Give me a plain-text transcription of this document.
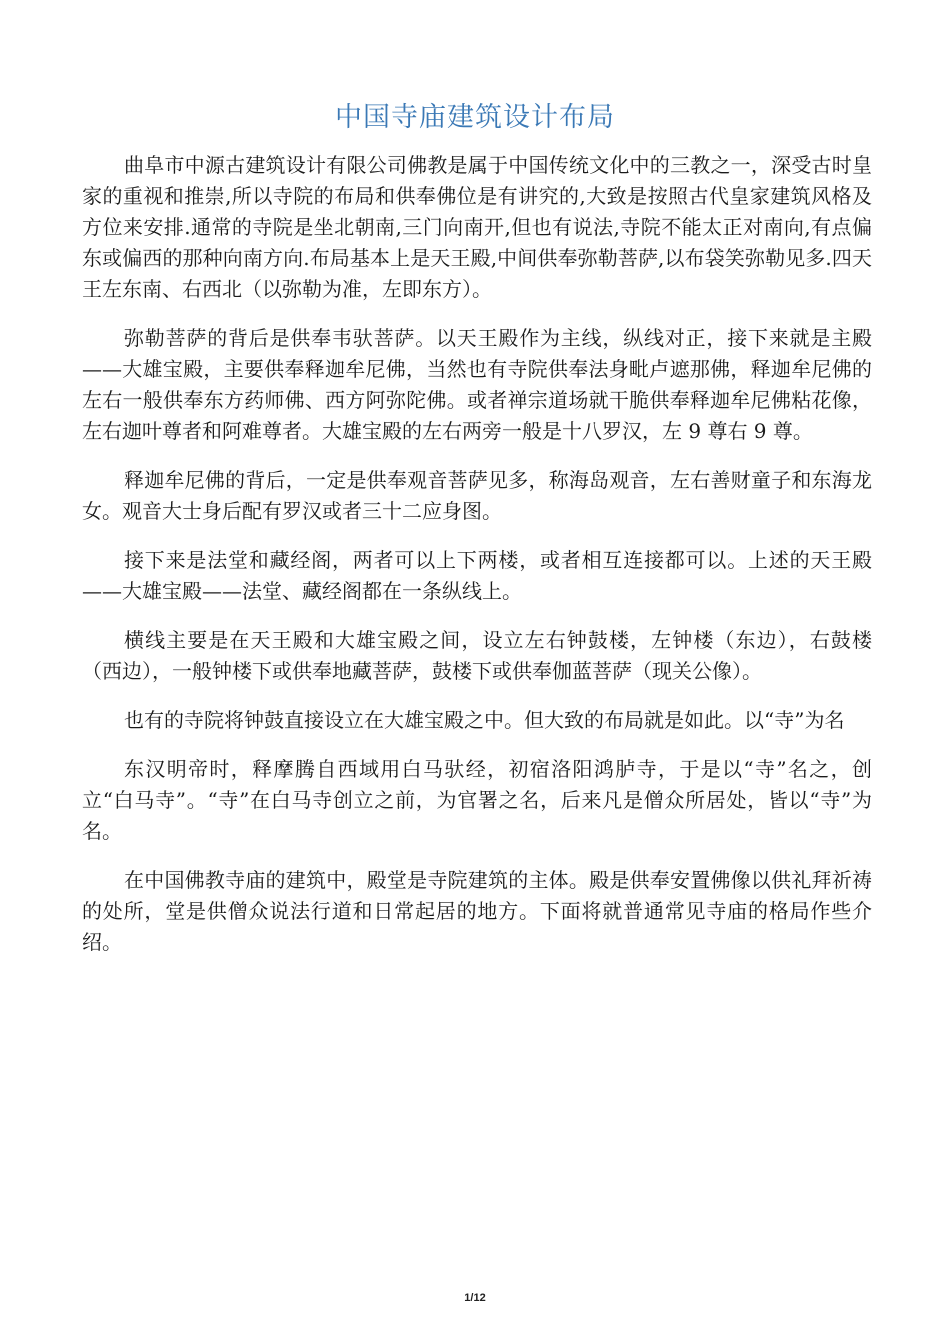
中国寺庙建筑设计布局

曲阜市中源古建筑设计有限公司佛教是属于中国传统文化中的三教之一，深受古时皇家的重视和推崇,所以寺院的布局和供奉佛位是有讲究的,大致是按照古代皇家建筑风格及方位来安排.通常的寺院是坐北朝南,三门向南开,但也有说法,寺院不能太正对南向,有点偏东或偏西的那种向南方向.布局基本上是天王殿,中间供奉弥勒菩萨,以布袋笑弥勒见多.四天王左东南、右西北（以弥勒为准，左即东方）。

弥勒菩萨的背后是供奉韦驮菩萨。以天王殿作为主线，纵线对正，接下来就是主殿——大雄宝殿，主要供奉释迦牟尼佛，当然也有寺院供奉法身毗卢遮那佛，释迦牟尼佛的左右一般供奉东方药师佛、西方阿弥陀佛。或者禅宗道场就干脆供奉释迦牟尼佛粘花像，左右迦叶尊者和阿难尊者。大雄宝殿的左右两旁一般是十八罗汉，左 9 尊右 9 尊。

释迦牟尼佛的背后，一定是供奉观音菩萨见多，称海岛观音，左右善财童子和东海龙女。观音大士身后配有罗汉或者三十二应身图。

接下来是法堂和藏经阁，两者可以上下两楼，或者相互连接都可以。上述的天王殿——大雄宝殿——法堂、藏经阁都在一条纵线上。

横线主要是在天王殿和大雄宝殿之间，设立左右钟鼓楼，左钟楼（东边），右鼓楼（西边），一般钟楼下或供奉地藏菩萨，鼓楼下或供奉伽蓝菩萨（现关公像）。

也有的寺院将钟鼓直接设立在大雄宝殿之中。但大致的布局就是如此。以“寺”为名

东汉明帝时，释摩腾自西域用白马驮经，初宿洛阳鸿胪寺，于是以“寺”名之，创立“白马寺”。“寺”在白马寺创立之前，为官署之名，后来凡是僧众所居处，皆以“寺”为名。

在中国佛教寺庙的建筑中，殿堂是寺院建筑的主体。殿是供奉安置佛像以供礼拜祈祷的处所，堂是供僧众说法行道和日常起居的地方。下面将就普通常见寺庙的格局作些介绍。

1/12
